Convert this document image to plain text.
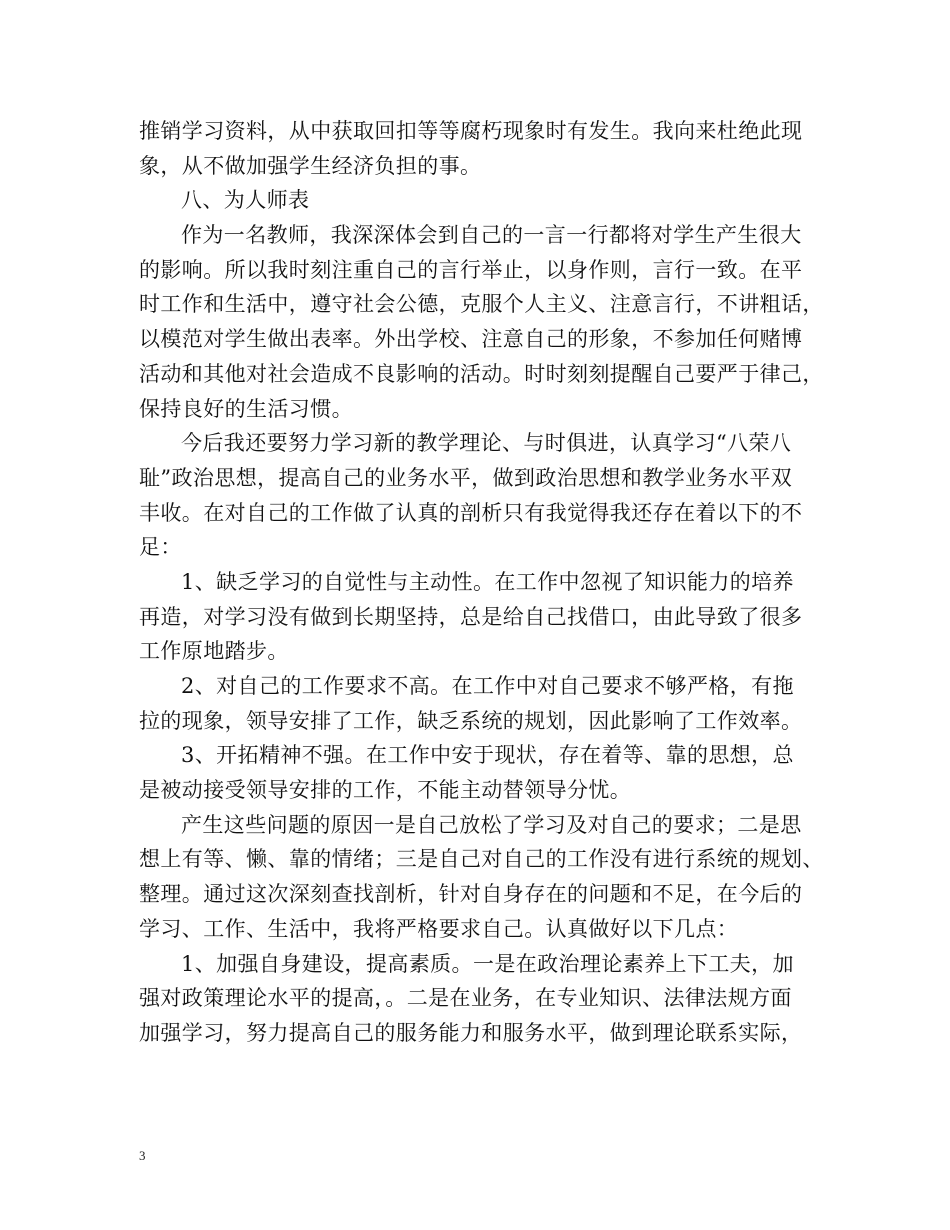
推销学习资料，从中获取回扣等等腐朽现象时有发生。我向来杜绝此现
象，从不做加强学生经济负担的事。
八、为人师表
作为一名教师，我深深体会到自己的一言一行都将对学生产生很大
的影响。所以我时刻注重自己的言行举止，以身作则，言行一致。在平
时工作和生活中，遵守社会公德，克服个人主义、注意言行，不讲粗话，
以模范对学生做出表率。外出学校、注意自己的形象，不参加任何赌博
活动和其他对社会造成不良影响的活动。时时刻刻提醒自己要严于律己，
保持良好的生活习惯。
今后我还要努力学习新的教学理论、与时俱进，认真学习“八荣八
耻”政治思想，提高自己的业务水平，做到政治思想和教学业务水平双
丰收。在对自己的工作做了认真的剖析只有我觉得我还存在着以下的不
足：
1、缺乏学习的自觉性与主动性。在工作中忽视了知识能力的培养
再造，对学习没有做到长期坚持，总是给自己找借口，由此导致了很多
工作原地踏步。
2、对自己的工作要求不高。在工作中对自己要求不够严格，有拖
拉的现象，领导安排了工作，缺乏系统的规划，因此影响了工作效率。
3、开拓精神不强。在工作中安于现状，存在着等、靠的思想，总
是被动接受领导安排的工作，不能主动替领导分忧。
产生这些问题的原因一是自己放松了学习及对自己的要求；二是思
想上有等、懒、靠的情绪；三是自己对自己的工作没有进行系统的规划、
整理。通过这次深刻查找剖析，针对自身存在的问题和不足，在今后的
学习、工作、生活中，我将严格要求自己。认真做好以下几点：
1、加强自身建设，提高素质。一是在政治理论素养上下工夫，加
强对政策理论水平的提高，。二是在业务，在专业知识、法律法规方面
加强学习，努力提高自己的服务能力和服务水平，做到理论联系实际，
3
